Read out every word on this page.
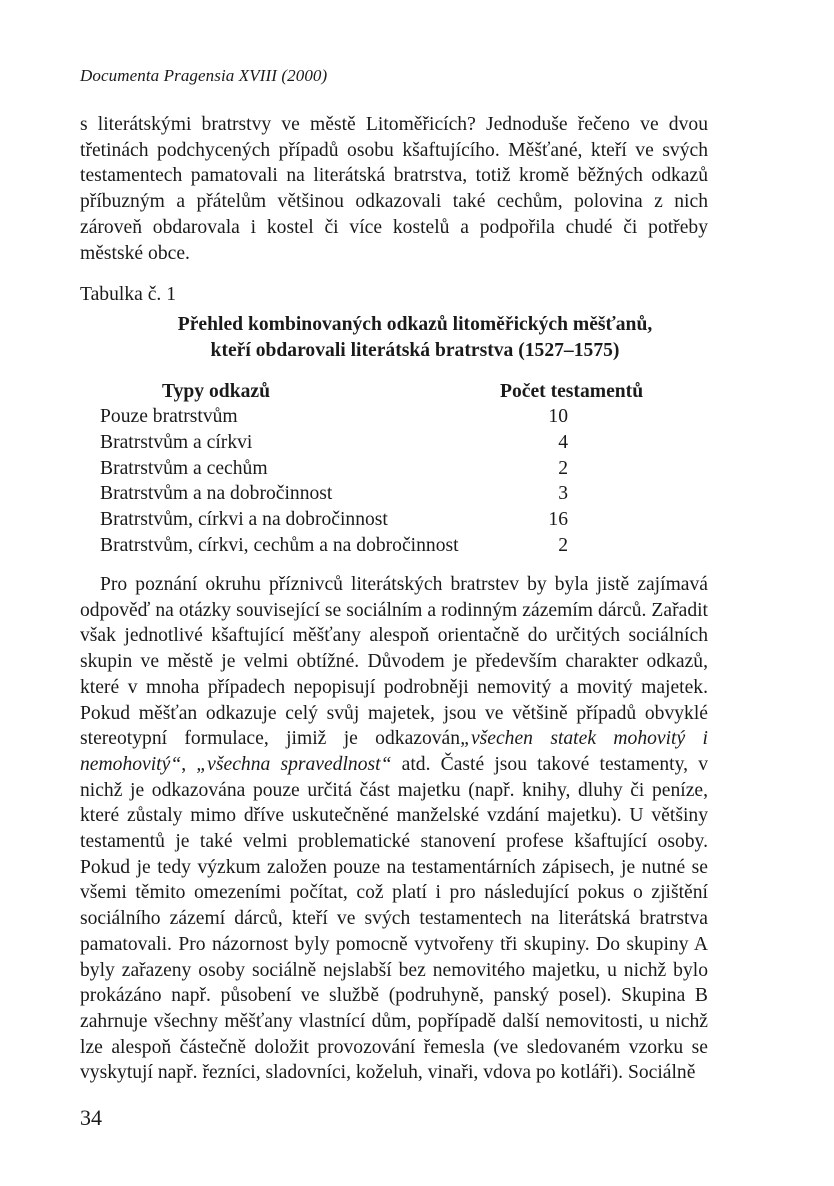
Documenta Pragensia XVIII (2000)
s literátskými bratrstvy ve městě Litoměřicích? Jednoduše řečeno ve dvou třetinách podchycených případů osobu kšaftujícího. Měšťané, kteří ve svých testamentech pamatovali na literátská bratrstva, totiž kromě běžných odkazů příbuzným a přátelům většinou odkazovali také cechům, polovina z nich zároveň obdarovala i kostel či více kostelů a podpořila chudé či potřeby městské obce.
Tabulka č. 1
Přehled kombinovaných odkazů litoměřických měšťanů,
kteří obdarovali literátská bratrstva (1527–1575)
Typy odkazů	Počet testamentů
Pouze bratrstvům	10
Bratrstvům a církvi	4
Bratrstvům a cechům	2
Bratrstvům a na dobročinnost	3
Bratrstvům, církvi a na dobročinnost	16
Bratrstvům, církvi, cechům a na dobročinnost	2
Pro poznání okruhu příznivců literátských bratrstev by byla jistě zajímavá odpověď na otázky související se sociálním a rodinným zázemím dárců. Zařadit však jednotlivé kšaftující měšťany alespoň orientačně do určitých sociálních skupin ve městě je velmi obtížné. Důvodem je především charakter odkazů, které v mnoha případech nepopisují podrobněji nemovitý a movitý majetek. Pokud měšťan odkazuje celý svůj majetek, jsou ve většině případů obvyklé stereotypní formulace, jimiž je odkazován„všechen statek mohovitý i nemohovitý“, „všechna spravedlnost“ atd. Časté jsou takové testamenty, v nichž je odkazována pouze určitá část majetku (např. knihy, dluhy či peníze, které zůstaly mimo dříve uskutečněné manželské vzdání majetku). U většiny testamentů je také velmi problematické stanovení profese kšaftující osoby. Pokud je tedy výzkum založen pouze na testamentárních zápisech, je nutné se všemi těmito omezeními počítat, což platí i pro následující pokus o zjištění sociálního zázemí dárců, kteří ve svých testamentech na literátská bratrstva pamatovali. Pro názornost byly pomocně vytvořeny tři skupiny. Do skupiny A byly zařazeny osoby sociálně nejslabší bez nemovitého majetku, u nichž bylo prokázáno např. působení ve službě (podruhyně, panský posel). Skupina B zahrnuje všechny měšťany vlastnící dům, popřípadě další nemovitosti, u nichž lze alespoň částečně doložit provozování řemesla (ve sledovaném vzorku se vyskytují např. řezníci, sladovníci, koželuh, vinaři, vdova po kotláři). Sociálně
34
